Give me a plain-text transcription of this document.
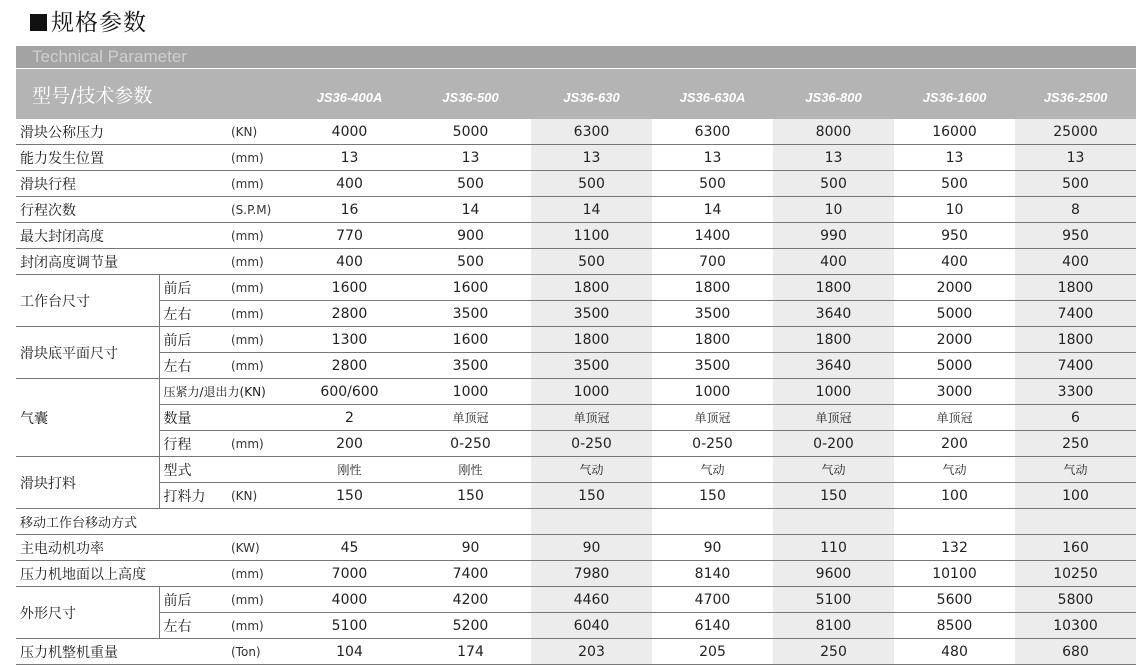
规格参数
Technical Parameter
型号/技术参数			JS36-400A	JS36-500	JS36-630	JS36-630A	JS36-800	JS36-1600	JS36-2500
滑块公称压力		(KN)	4000	5000	6300	6300	8000	16000	25000
能力发生位置		(mm)	13	13	13	13	13	13	13
滑块行程		(mm)	400	500	500	500	500	500	500
行程次数		(S.P.M)	16	14	14	14	10	10	8
最大封闭高度		(mm)	770	900	1100	1400	990	950	950
封闭高度调节量		(mm)	400	500	500	700	400	400	400
工作台尺寸	前后	(mm)	1600	1600	1800	1800	1800	2000	1800
	左右	(mm)	2800	3500	3500	3500	3640	5000	7400
滑块底平面尺寸	前后	(mm)	1300	1600	1800	1800	1800	2000	1800
	左右	(mm)	2800	3500	3500	3500	3640	5000	7400
气囊	压紧力/退出力(KN)		600/600	1000	1000	1000	1000	3000	3300
	数量		2	单顶冠	单顶冠	单顶冠	单顶冠	单顶冠	6
	行程	(mm)	200	0-250	0-250	0-250	0-200	200	250
滑块打料	型式		刚性	刚性	气动	气动	气动	气动	气动
	打料力	(KN)	150	150	150	150	150	100	100
移动工作台移动方式									
主电动机功率		(KW)	45	90	90	90	110	132	160
压力机地面以上高度		(mm)	7000	7400	7980	8140	9600	10100	10250
外形尺寸	前后	(mm)	4000	4200	4460	4700	5100	5600	5800
	左右	(mm)	5100	5200	6040	6140	8100	8500	10300
压力机整机重量		(Ton)	104	174	203	205	250	480	680
